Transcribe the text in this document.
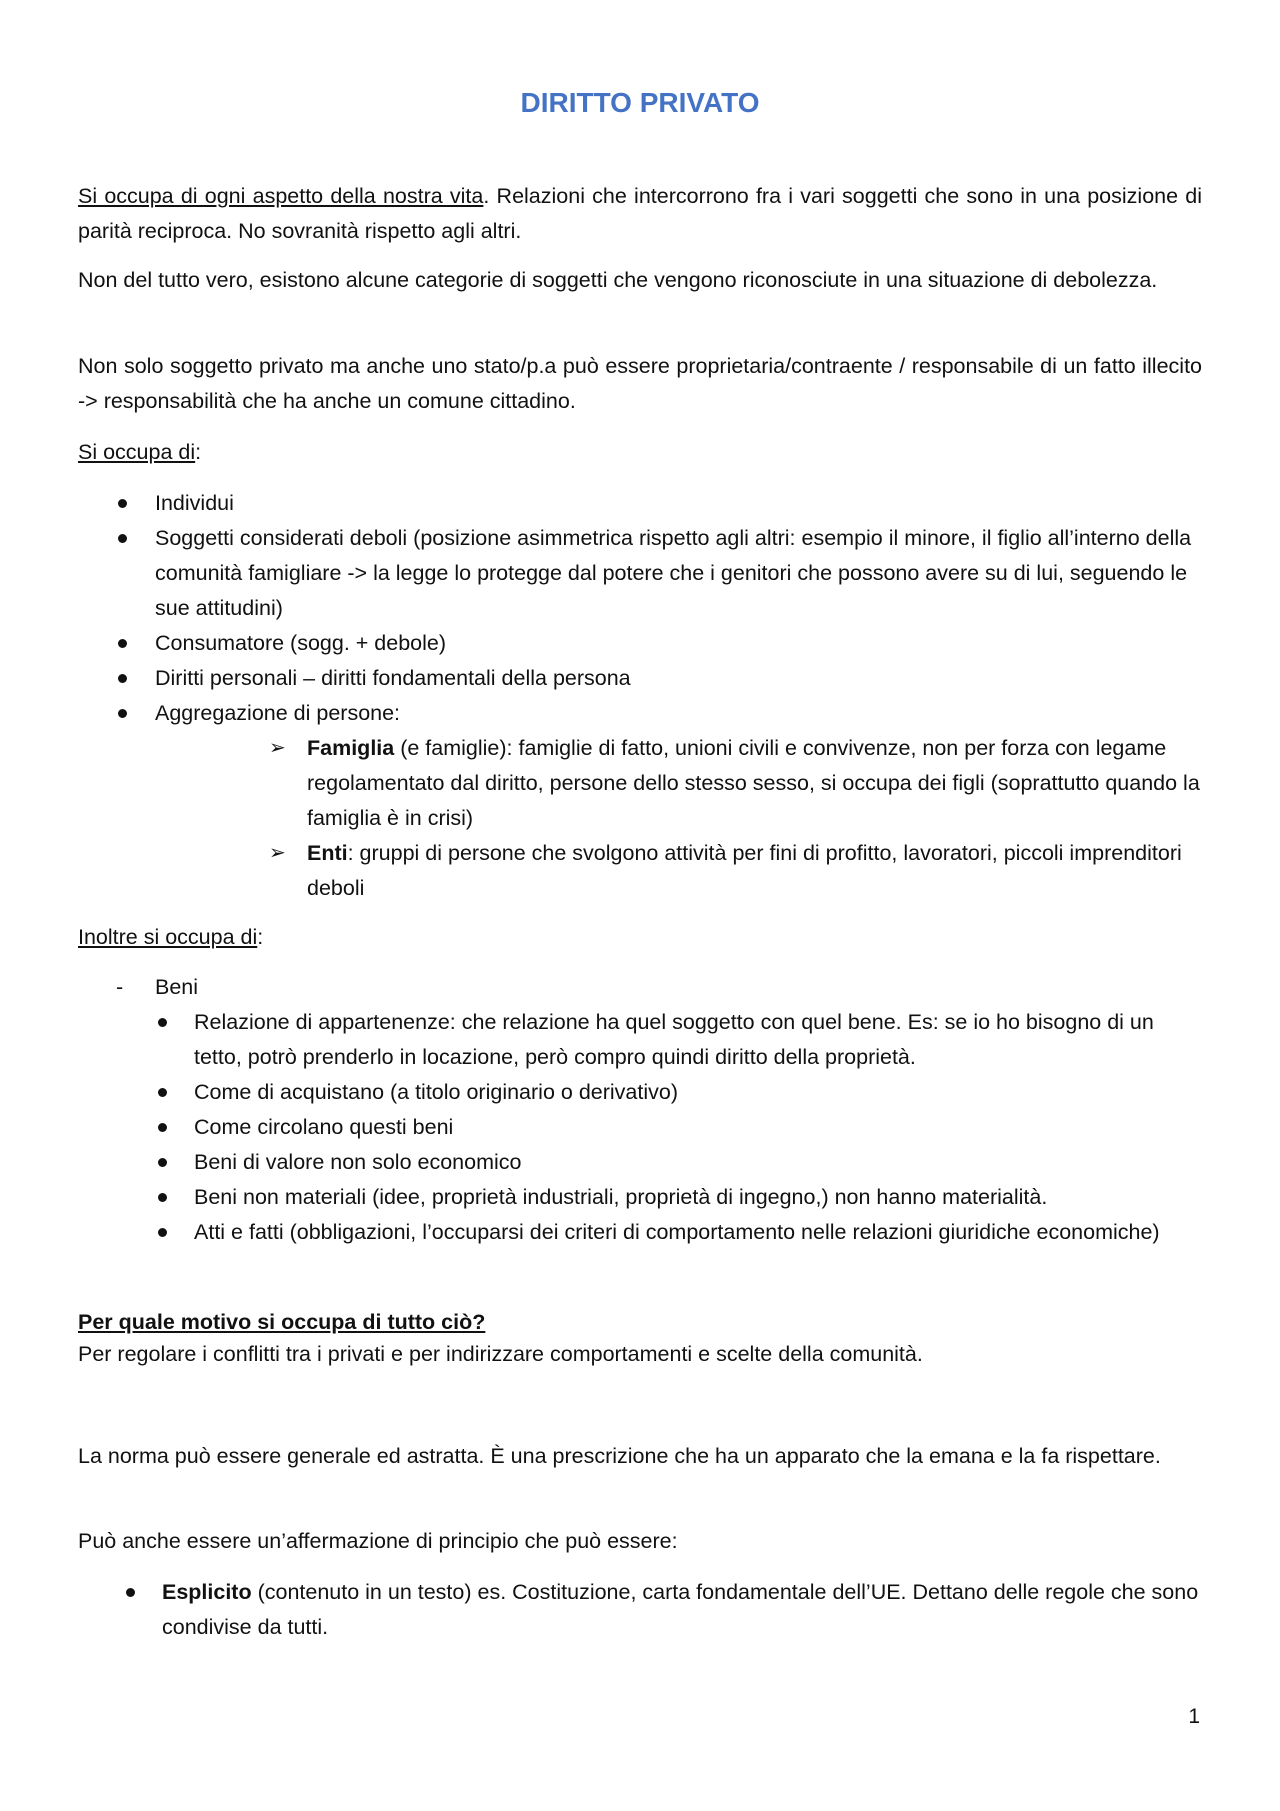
DIRITTO PRIVATO

Si occupa di ogni aspetto della nostra vita. Relazioni che intercorrono fra i vari soggetti che sono in una posizione di parità reciproca. No sovranità rispetto agli altri.

Non del tutto vero, esistono alcune categorie di soggetti che vengono riconosciute in una situazione di debolezza.

Non solo soggetto privato ma anche uno stato/p.a può essere proprietaria/contraente / responsabile di un fatto illecito -> responsabilità che ha anche un comune cittadino.

Si occupa di:

Individui
Soggetti considerati deboli (posizione asimmetrica rispetto agli altri: esempio il minore, il figlio all’interno della comunità famigliare -> la legge lo protegge dal potere che i genitori che possono avere su di lui, seguendo le sue attitudini)
Consumatore (sogg. + debole)
Diritti personali – diritti fondamentali della persona
Aggregazione di persone:
➢ Famiglia (e famiglie): famiglie di fatto, unioni civili e convivenze, non per forza con legame regolamentato dal diritto, persone dello stesso sesso, si occupa dei figli (soprattutto quando la famiglia è in crisi)
➢ Enti: gruppi di persone che svolgono attività per fini di profitto, lavoratori, piccoli imprenditori deboli

Inoltre si occupa di:

- Beni

Relazione di appartenenze: che relazione ha quel soggetto con quel bene. Es: se io ho bisogno di un tetto, potrò prenderlo in locazione, però compro quindi diritto della proprietà.
Come di acquistano (a titolo originario o derivativo)
Come circolano questi beni
Beni di valore non solo economico
Beni non materiali (idee, proprietà industriali, proprietà di ingegno,) non hanno materialità.
Atti e fatti (obbligazioni, l’occuparsi dei criteri di comportamento nelle relazioni giuridiche economiche)

Per quale motivo si occupa di tutto ciò?

Per regolare i conflitti tra i privati e per indirizzare comportamenti e scelte della comunità.

La norma può essere generale ed astratta. È una prescrizione che ha un apparato che la emana e la fa rispettare.

Può anche essere un’affermazione di principio che può essere:

Esplicito (contenuto in un testo) es. Costituzione, carta fondamentale dell’UE. Dettano delle regole che sono condivise da tutti.
1
